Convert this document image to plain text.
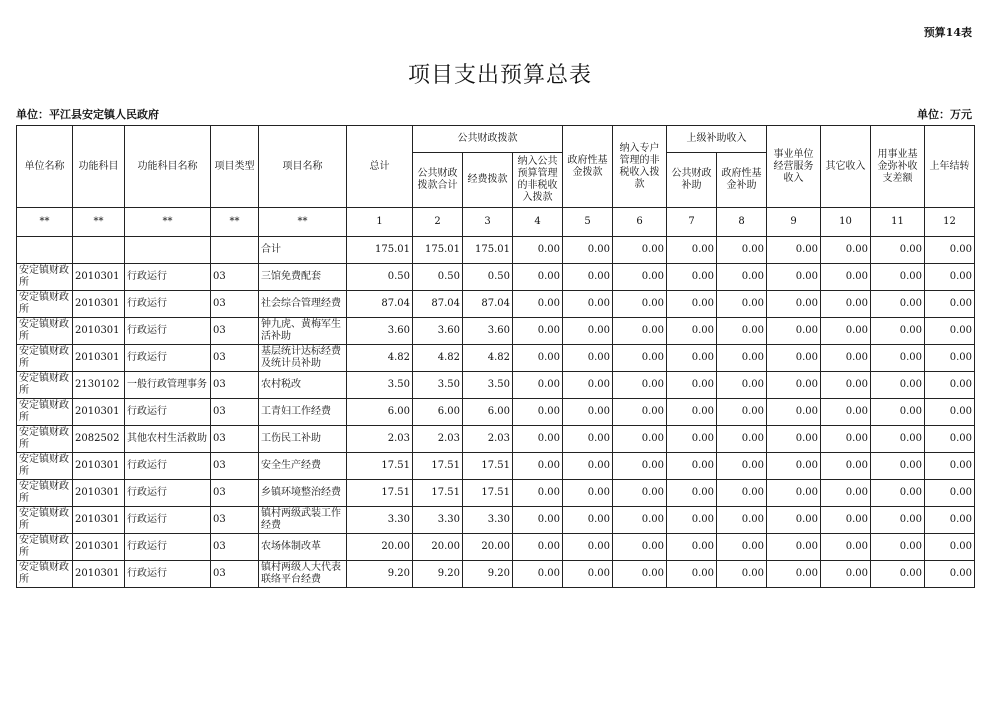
预算14表
项目支出预算总表
单位：平江县安定镇人民政府	单位：万元
单位名称	功能科目	功能科目名称	项目类型	项目名称	总计	公共财政拨款			政府性基金拨款	纳入专户管理的非税收入拨款	上级补助收入		事业单位经营服务收入	其它收入	用事业基金弥补收支差额	上年结转
						公共财政拨款合计	经费拨款	纳入公共预算管理的非税收入拨款			公共财政补助	政府性基金补助				
**	**	**	**	**	1	2	3	4	5	6	7	8	9	10	11	12
				合计	175.01	175.01	175.01	0.00	0.00	0.00	0.00	0.00	0.00	0.00	0.00	0.00
安定镇财政所	2010301	行政运行	03	三馆免费配套	0.50	0.50	0.50	0.00	0.00	0.00	0.00	0.00	0.00	0.00	0.00	0.00
安定镇财政所	2010301	行政运行	03	社会综合管理经费	87.04	87.04	87.04	0.00	0.00	0.00	0.00	0.00	0.00	0.00	0.00	0.00
安定镇财政所	2010301	行政运行	03	钟九虎、黄梅军生活补助	3.60	3.60	3.60	0.00	0.00	0.00	0.00	0.00	0.00	0.00	0.00	0.00
安定镇财政所	2010301	行政运行	03	基层统计达标经费及统计员补助	4.82	4.82	4.82	0.00	0.00	0.00	0.00	0.00	0.00	0.00	0.00	0.00
安定镇财政所	2130102	一般行政管理事务	03	农村税改	3.50	3.50	3.50	0.00	0.00	0.00	0.00	0.00	0.00	0.00	0.00	0.00
安定镇财政所	2010301	行政运行	03	工青妇工作经费	6.00	6.00	6.00	0.00	0.00	0.00	0.00	0.00	0.00	0.00	0.00	0.00
安定镇财政所	2082502	其他农村生活救助	03	工伤民工补助	2.03	2.03	2.03	0.00	0.00	0.00	0.00	0.00	0.00	0.00	0.00	0.00
安定镇财政所	2010301	行政运行	03	安全生产经费	17.51	17.51	17.51	0.00	0.00	0.00	0.00	0.00	0.00	0.00	0.00	0.00
安定镇财政所	2010301	行政运行	03	乡镇环境整治经费	17.51	17.51	17.51	0.00	0.00	0.00	0.00	0.00	0.00	0.00	0.00	0.00
安定镇财政所	2010301	行政运行	03	镇村两级武装工作经费	3.30	3.30	3.30	0.00	0.00	0.00	0.00	0.00	0.00	0.00	0.00	0.00
安定镇财政所	2010301	行政运行	03	农场体制改革	20.00	20.00	20.00	0.00	0.00	0.00	0.00	0.00	0.00	0.00	0.00	0.00
安定镇财政所	2010301	行政运行	03	镇村两级人大代表联络平台经费	9.20	9.20	9.20	0.00	0.00	0.00	0.00	0.00	0.00	0.00	0.00	0.00
